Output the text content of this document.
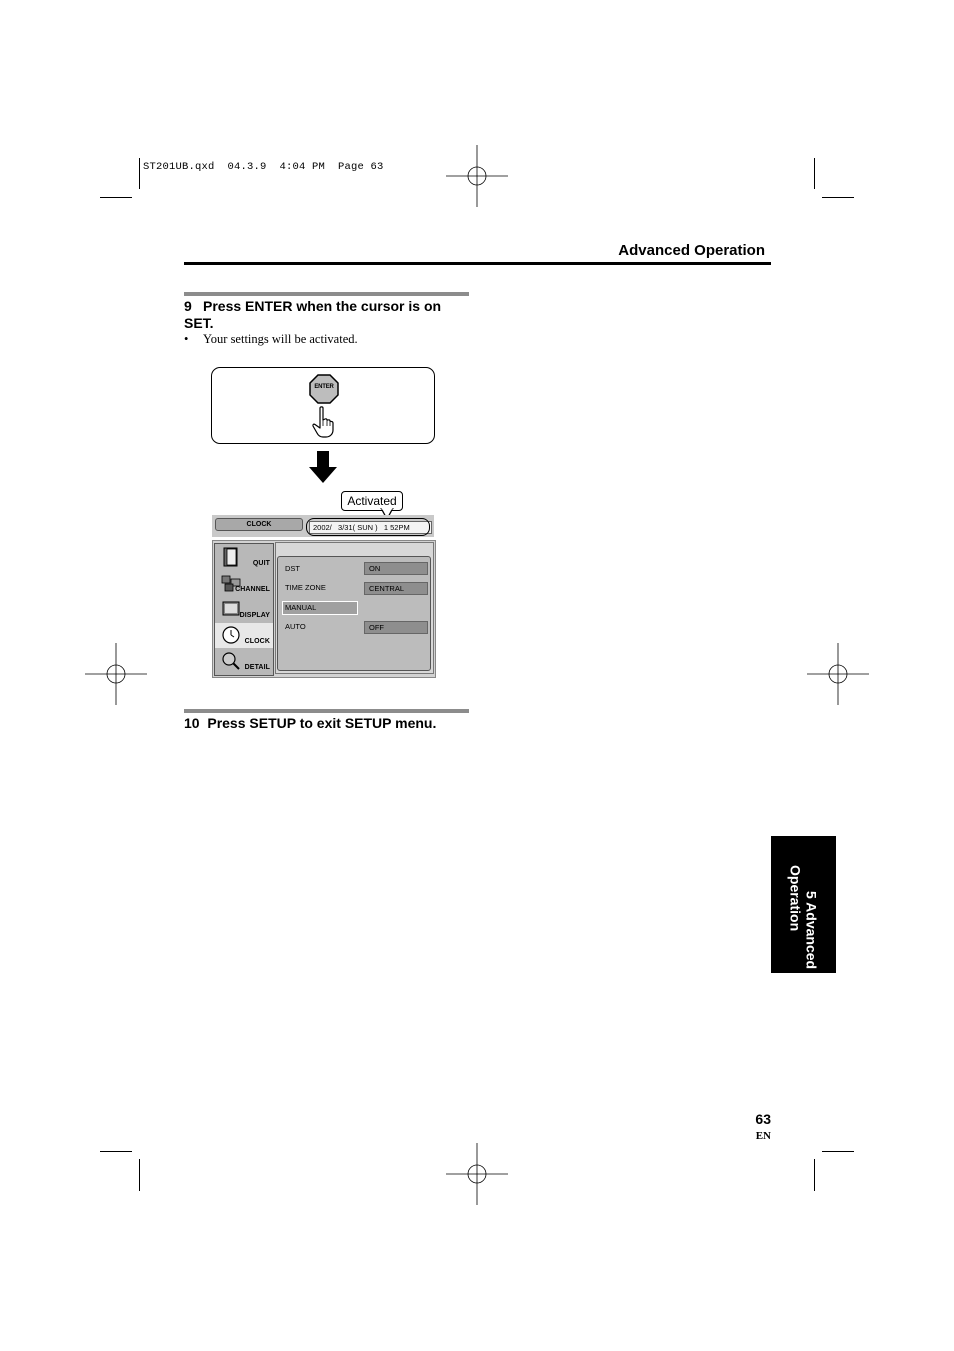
ST201UB.qxd  04.3.9  4:04 PM  Page 63
Advanced Operation
9 Press ENTER when the cursor is on SET.
• Your settings will be activated.
ENTER
Activated
CLOCK	2002/   3/31( SUN )   1 52PM
QUIT
CHANNEL
DISPLAY
CLOCK
DETAIL
DST	ON
TIME ZONE	CENTRAL
MANUAL
AUTO	OFF
10 Press SETUP to exit SETUP menu.
5 Advanced
Operation
63
EN
